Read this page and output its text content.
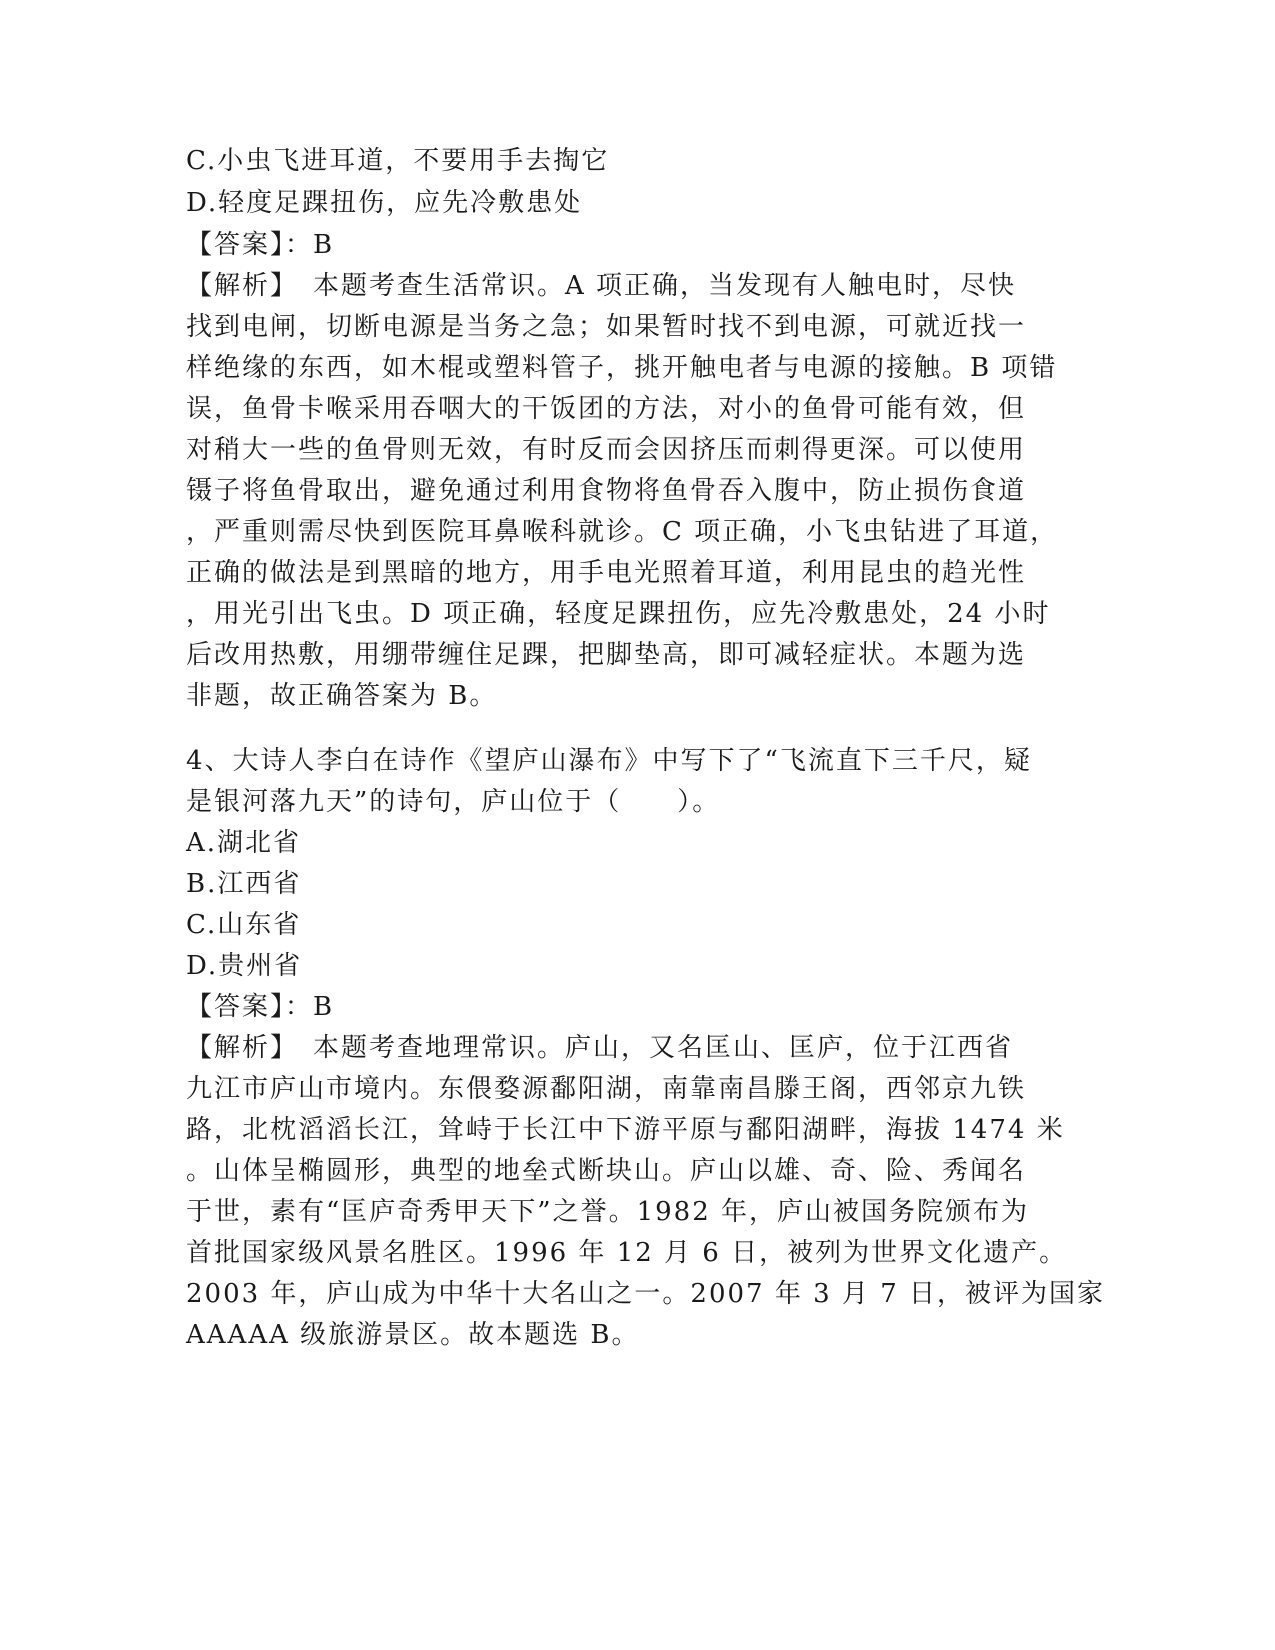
C.小虫飞进耳道，不要用手去掏它
D.轻度足踝扭伤，应先冷敷患处
【答案】：B
【解析】　本题考查生活常识。A 项正确，当发现有人触电时，尽快
找到电闸，切断电源是当务之急；如果暂时找不到电源，可就近找一
样绝缘的东西，如木棍或塑料管子，挑开触电者与电源的接触。B 项错
误，鱼骨卡喉采用吞咽大的干饭团的方法，对小的鱼骨可能有效，但
对稍大一些的鱼骨则无效，有时反而会因挤压而刺得更深。可以使用
镊子将鱼骨取出，避免通过利用食物将鱼骨吞入腹中，防止损伤食道
，严重则需尽快到医院耳鼻喉科就诊。C 项正确，小飞虫钻进了耳道，
正确的做法是到黑暗的地方，用手电光照着耳道，利用昆虫的趋光性
，用光引出飞虫。D 项正确，轻度足踝扭伤，应先冷敷患处，24 小时
后改用热敷，用绷带缠住足踝，把脚垫高，即可减轻症状。本题为选
非题，故正确答案为 B。
4、大诗人李白在诗作《望庐山瀑布》中写下了“飞流直下三千尺，疑
是银河落九天”的诗句，庐山位于（　　）。
A.湖北省
B.江西省
C.山东省
D.贵州省
【答案】：B
【解析】　本题考查地理常识。庐山，又名匡山、匡庐，位于江西省
九江市庐山市境内。东偎婺源鄱阳湖，南靠南昌滕王阁，西邻京九铁
路，北枕滔滔长江，耸峙于长江中下游平原与鄱阳湖畔，海拔 1474 米
。山体呈椭圆形，典型的地垒式断块山。庐山以雄、奇、险、秀闻名
于世，素有“匡庐奇秀甲天下”之誉。1982 年，庐山被国务院颁布为
首批国家级风景名胜区。1996 年 12 月 6 日，被列为世界文化遗产。
2003 年，庐山成为中华十大名山之一。2007 年 3 月 7 日，被评为国家
AAAAA 级旅游景区。故本题选 B。
